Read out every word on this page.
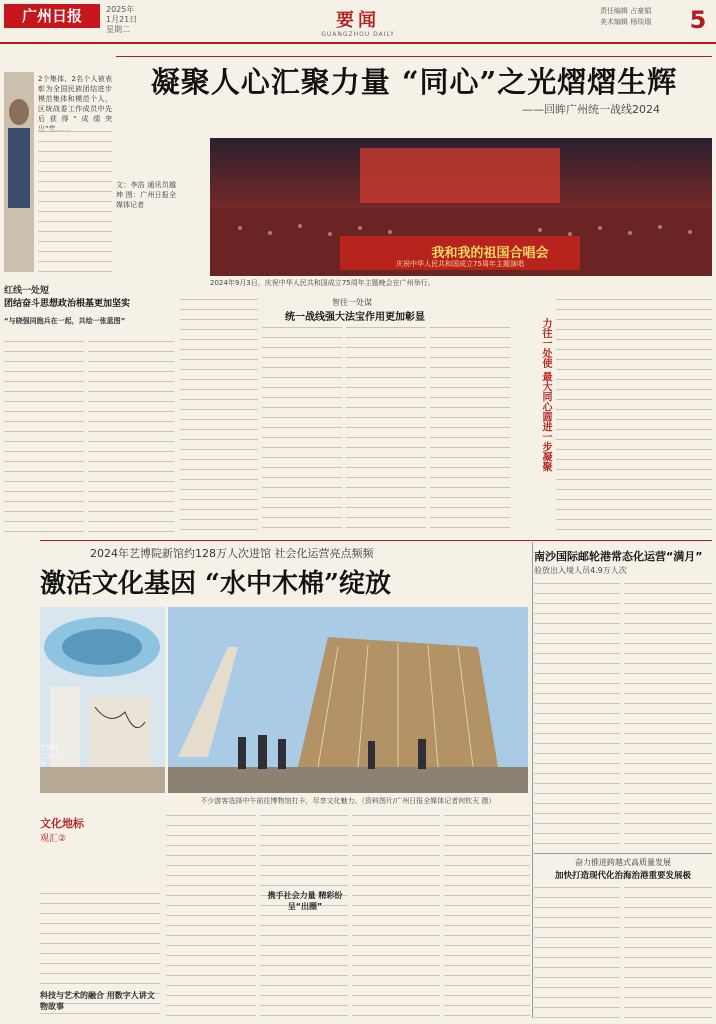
广州日报	2025年
1月21日
星期二	要闻
GUANGZHOU DAILY
责任编辑 占豪娟
美术编辑 杨琰瑞 5
2个集体、2名个人被表彰为全国民族团结进步模范集体和模范个人，区统战委工作成员中先后获得“成绩突
文：李浩 通讯员越坤 图：广州日报全媒体记者
红线一处短
团结奋斗思想政治根基更加坚实
“与晓强同胞兵在一起，共绘一张蓝图”
凝聚人心汇聚力量 “同心”之光熠熠生辉
——回眸广州统一战线2024
我和我的祖国合唱会
庆祝中华人民共和国成立75周年主题演唱
2024年9月3日，庆祝中华人民共和国成立75周年主题晚会在广州举行。
智往一处谋
统一战线强大法宝作用更加彰显
力往一处使 最大同心圆进一步凝聚
2024年艺博院新馆约128万人次进馆 社会化运营亮点频频
激活文化基因 “水中木棉”绽放
艺博院之光·一角
不少游客选择中午前往博物馆打卡，尽享文化魅力。（资料图片/广州日报全媒体记者何钦天 摄）
文化地标
观汇②
科技与艺术的融合 用数字人讲文物故事
携手社会力量 精彩纷呈“出圈”
南沙国际邮轮港常态化运营“满月”
验放出入境人员4.9万人次
奋力推进跨越式高质量发展
加快打造现代化治海治港重要发展极
